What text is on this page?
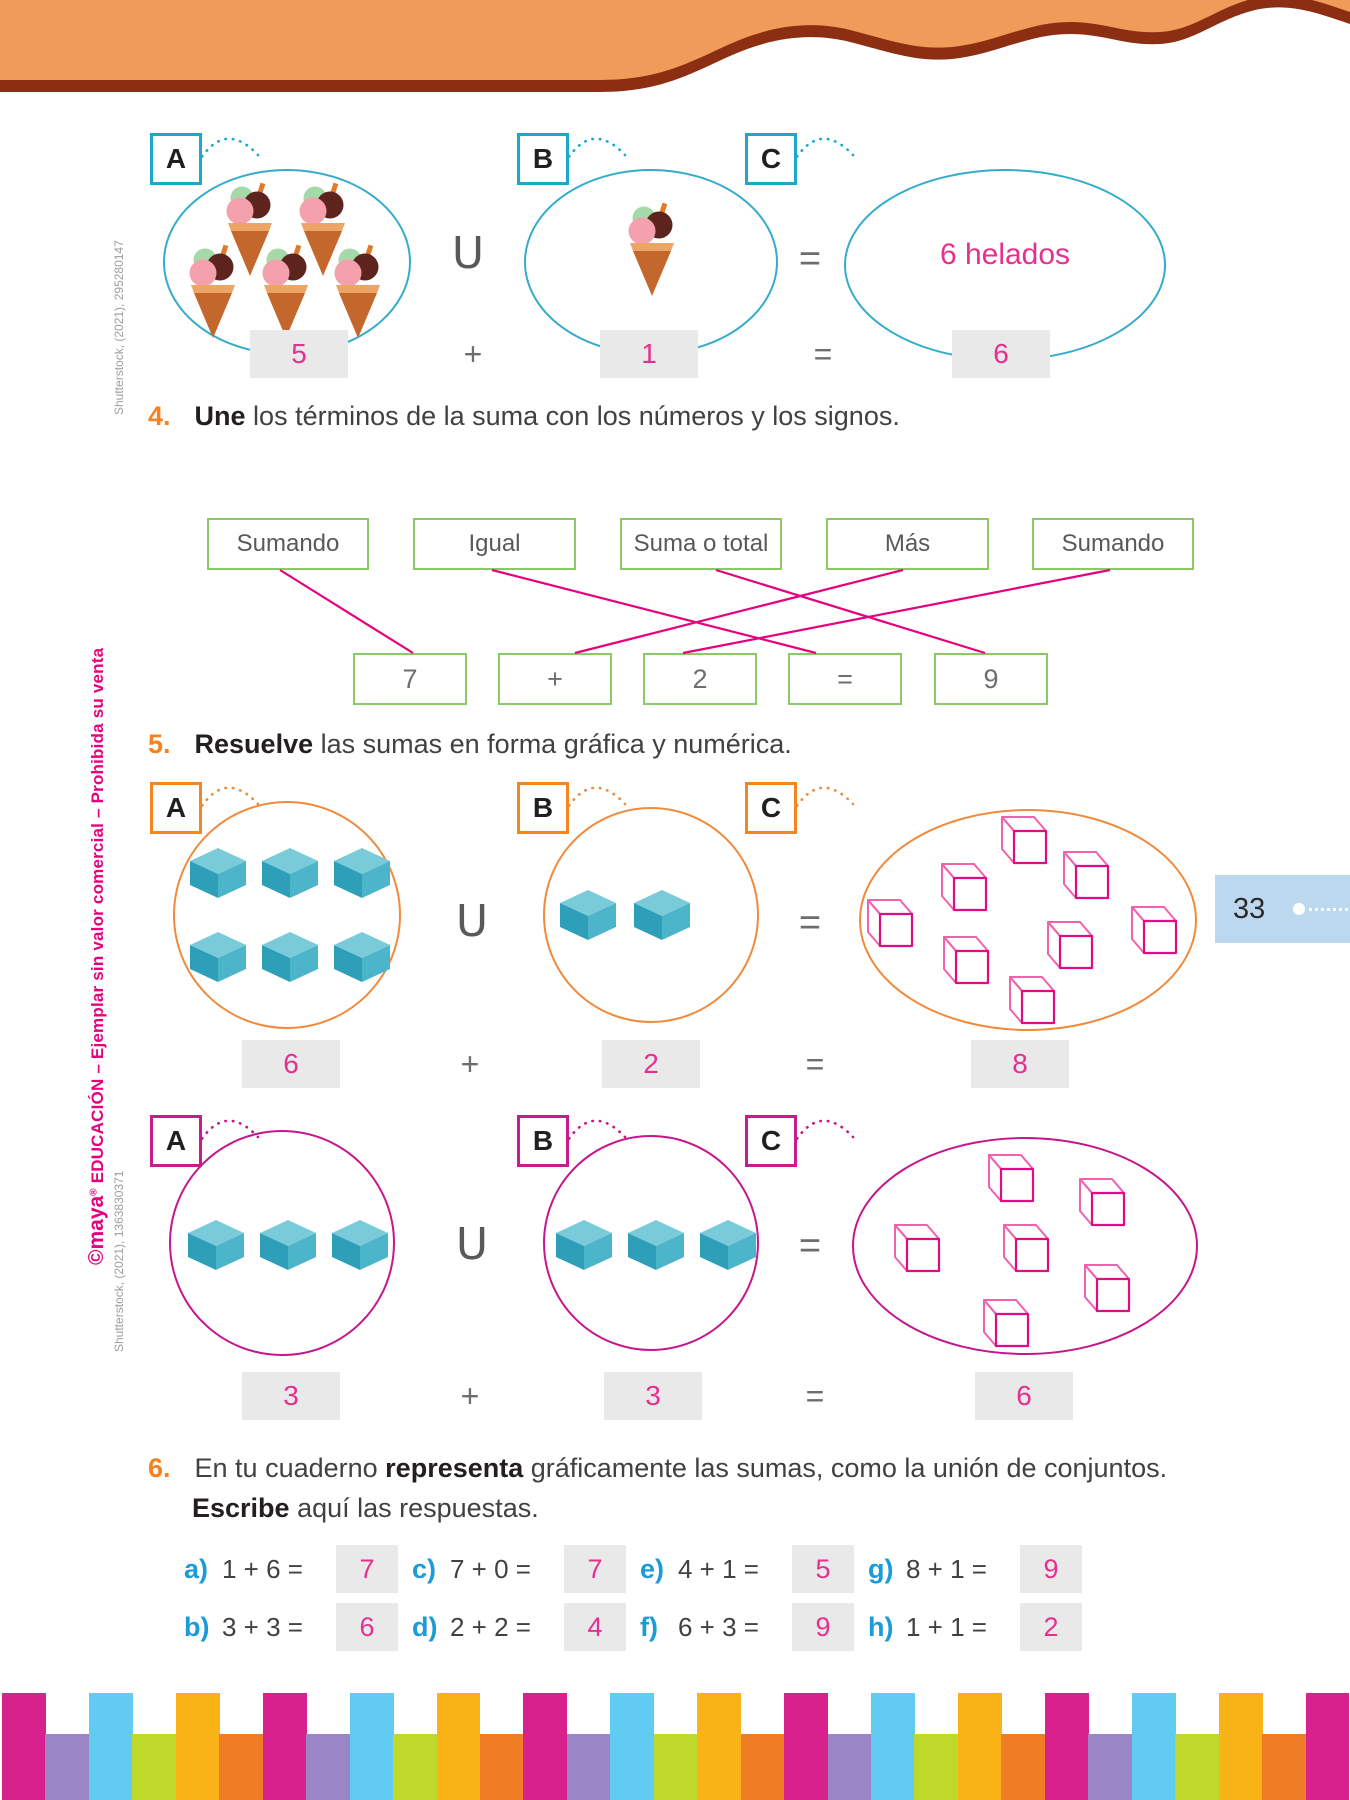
Shutterstock, (2021), 295280147
©maya® EDUCACIÓN – Ejemplar sin valor comercial – Prohibida su venta
Shutterstock, (2021), 1363830371
33
A	B	C
U	=	6 helados
5	+	1	=	6
4. Une los términos de la suma con los números y los signos.
Sumando	Igual	Suma o total	Más	Sumando
7	+	2	=	9
5. Resuelve las sumas en forma gráfica y numérica.
A	B	C
U	=
6	+	2	=	8
A	B	C
U	=
3	+	3	=	6
6. En tu cuaderno representa gráficamente las sumas, como la unión de conjuntos.
Escribe aquí las respuestas.
a) 1 + 6 =	7	c) 7 + 0 =	7	e) 4 + 1 =	5	g) 8 + 1 =	9
b) 3 + 3 =	6	d) 2 + 2 =	4	f) 6 + 3 =	9	h) 1 + 1 =	2
